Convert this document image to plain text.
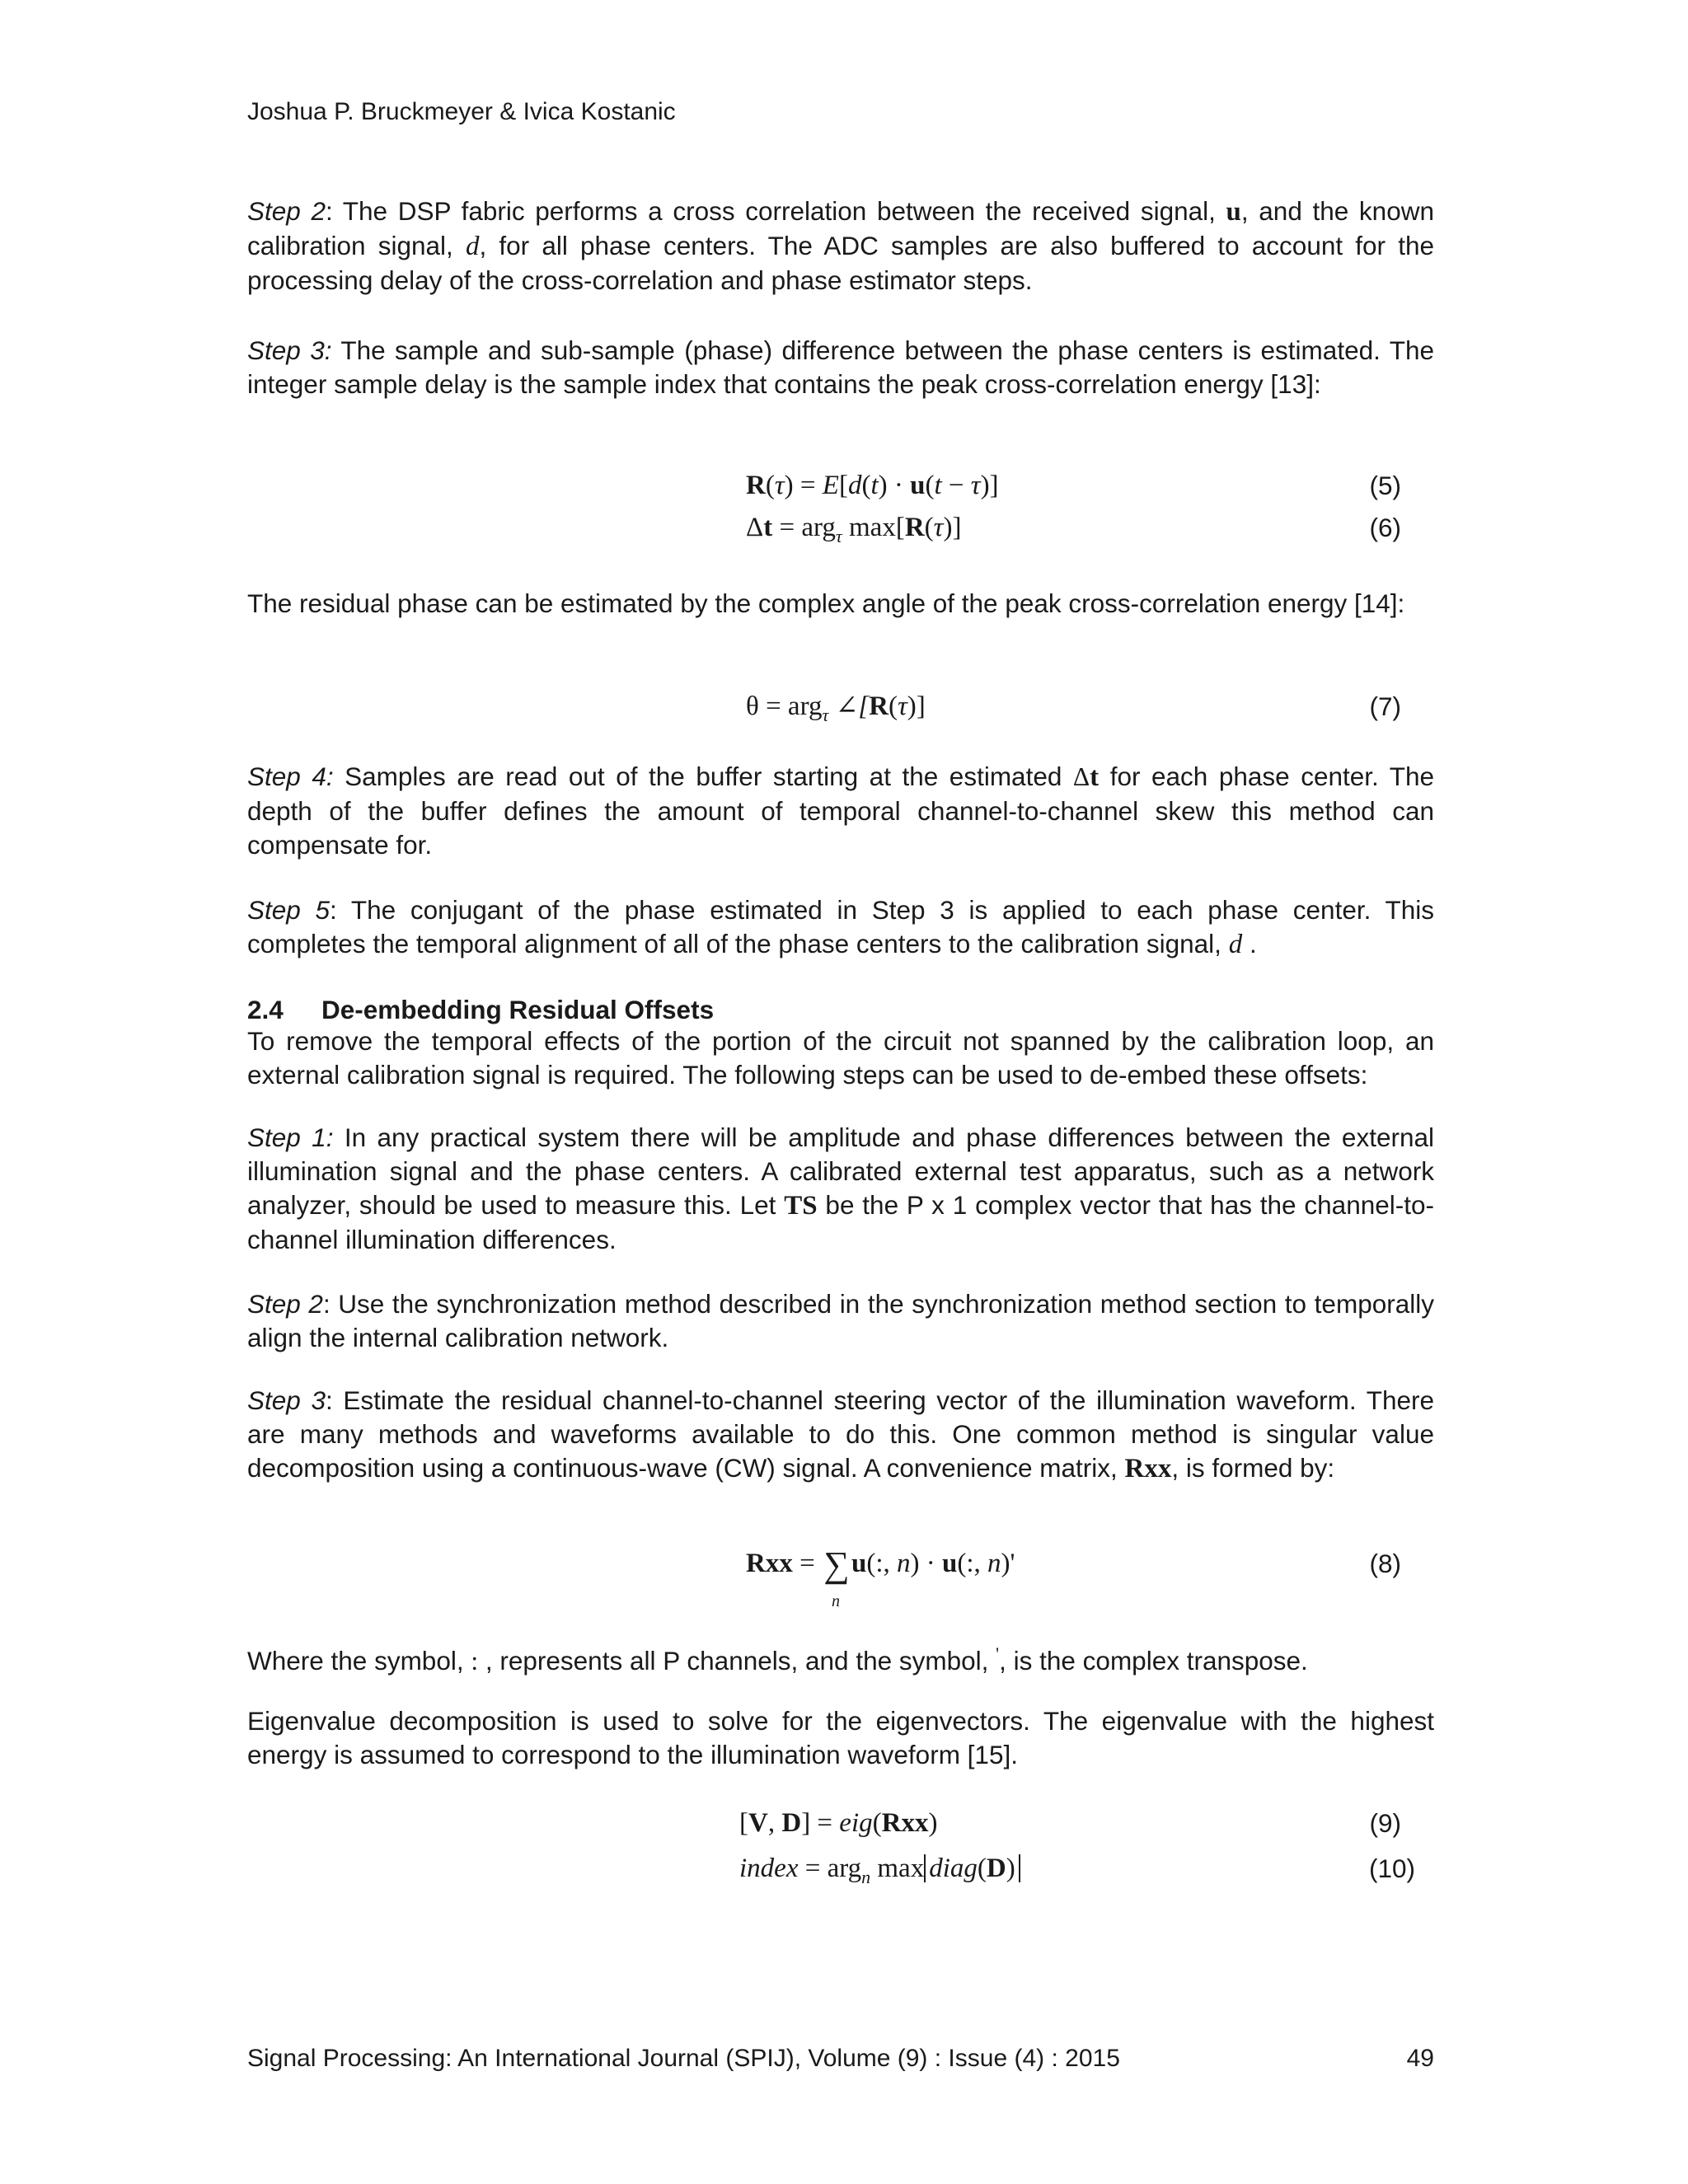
Joshua P. Bruckmeyer & Ivica Kostanic

Step 2: The DSP fabric performs a cross correlation between the received signal, u, and the known calibration signal, d, for all phase centers. The ADC samples are also buffered to account for the processing delay of the cross-correlation and phase estimator steps.

Step 3: The sample and sub-sample (phase) difference between the phase centers is estimated. The integer sample delay is the sample index that contains the peak cross-correlation energy [13]:

R(τ) = E[d(t) · u(t − τ)]	(5)
Δt = arg$_\tau$ max[R(τ)]	(6)

The residual phase can be estimated by the complex angle of the peak cross-correlation energy [14]:

θ = arg$_\tau$ ∠[R(τ)]	(7)

Step 4: Samples are read out of the buffer starting at the estimated Δt for each phase center. The depth of the buffer defines the amount of temporal channel-to-channel skew this method can compensate for.

Step 5: The conjugant of the phase estimated in Step 3 is applied to each phase center. This completes the temporal alignment of all of the phase centers to the calibration signal, d .

2.4 De-embedding Residual Offsets

To remove the temporal effects of the portion of the circuit not spanned by the calibration loop, an external calibration signal is required. The following steps can be used to de-embed these offsets:

Step 1: In any practical system there will be amplitude and phase differences between the external illumination signal and the phase centers. A calibrated external test apparatus, such as a network analyzer, should be used to measure this. Let TS be the P x 1 complex vector that has the channel-to-channel illumination differences.

Step 2: Use the synchronization method described in the synchronization method section to temporally align the internal calibration network.

Step 3: Estimate the residual channel-to-channel steering vector of the illumination waveform. There are many methods and waveforms available to do this. One common method is singular value decomposition using a continuous-wave (CW) signal. A convenience matrix, Rxx, is formed by:

Rxx = ∑
n
u(:, n) · u(:, n)'	(8)

Where the symbol, : , represents all P channels, and the symbol, ', is the complex transpose.

Eigenvalue decomposition is used to solve for the eigenvectors. The eigenvalue with the highest energy is assumed to correspond to the illumination waveform [15].

[V, D] = eig(Rxx)	(9)
index = arg$_n$ max diag(D)	(10)
Signal Processing: An International Journal (SPIJ), Volume (9) : Issue (4) : 2015	49
